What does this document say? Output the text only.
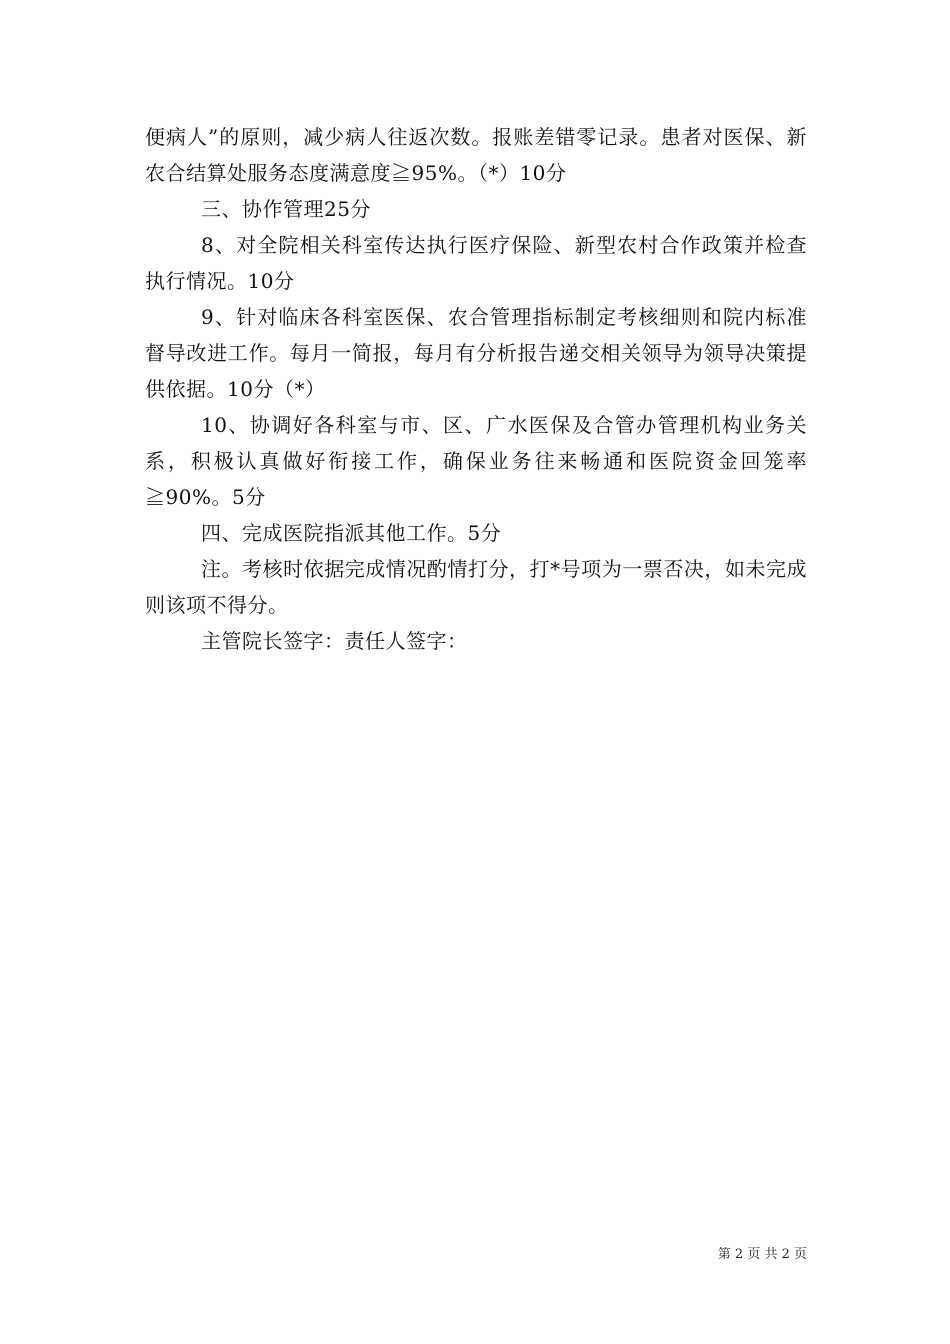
便病人”的原则，减少病人往返次数。报账差错零记录。患者对医保、新农合结算处服务态度满意度≧95%。（*）10分

三、协作管理25分

8、对全院相关科室传达执行医疗保险、新型农村合作政策并检查执行情况。10分

9、针对临床各科室医保、农合管理指标制定考核细则和院内标准督导改进工作。每月一简报，每月有分析报告递交相关领导为领导决策提供依据。10分（*）

10、协调好各科室与市、区、广水医保及合管办管理机构业务关系，积极认真做好衔接工作，确保业务往来畅通和医院资金回笼率≧90%。5分

四、完成医院指派其他工作。5分

注。考核时依据完成情况酌情打分，打*号项为一票否决，如未完成则该项不得分。

主管院长签字：责任人签字：

第 2 页 共 2 页
